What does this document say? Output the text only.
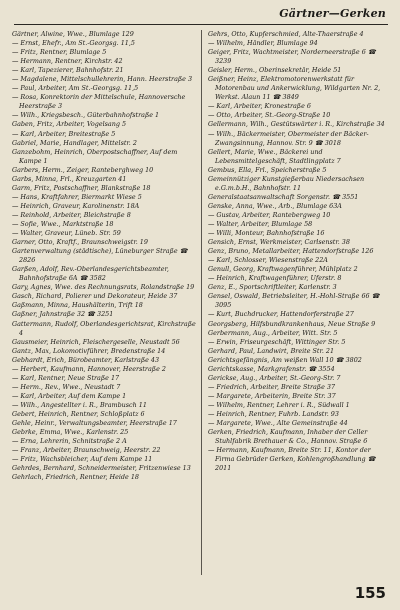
Gärtner—Gerken
Gärtner, Alwine, Wwe., Blumlage 129
— Ernst, Ehefr., Am St.-Georgsg. 11,5
— Fritz, Rentner, Blumlage 5
— Hermann, Rentner, Kirchstr. 42
— Karl, Tapezierer, Bahnhofstr. 21
— Magdalene, Mittelschullehrerin, Hann. Heerstraße 3
— Paul, Arbeiter, Am St.-Georgsg. 11,5
— Rosa, Konrektorin der Mittelschule, Hannoversche Heerstraße 3
— Wilh., Kriegsbesch., Güterbahnhofstraße 1
Gaben, Fritz, Arbeiter, Vogelsang 5
— Karl, Arbeiter, Breitestraße 5
Gabriel, Marie, Handlager, Mittelstr. 2
Ganzebohm, Heinrich, Oberpostschaffner, Auf dem Kampe 1
Garbers, Herm., Zeiger, Ranteberghweg 10
Garbs, Minna, Frl., Kreuzgarten 41
Garm, Fritz, Postschaffner, Blankstraße 18
— Hans, Kraftfahrer, Biermarkt Wiese 5
— Heinrich, Graveur, Karolinenstr. 18A
— Reinhold, Arbeiter, Bleichstraße 8
— Sofie, Wwe., Marktstraße 18
— Walter, Graveur, Lüneb. Str. 59
Garner, Otto, Kraftf., Braunschweigstr. 19
Gartenverwaltung (städtische), Lüneburger Straße ☎ 2826
Garßen, Adolf, Rev.-Oberlandesgerichtsbeamter, Bahnhofstraße 6A ☎ 3582
Gary, Agnes, Wwe. des Rechnungsrats, Rolandstraße 19
Gasch, Richard, Polierer und Dekorateur, Heide 37
Gaßmann, Minna, Haushälterin, Trift 18
Gaßner, Jahnstraße 32 ☎ 3251
Gattermann, Rudolf, Oberlandesgerichtsrat, Kirchstraße 4
Gausmeier, Heinrich, Fleischergeselle, Neustadt 56
Gantz, Max, Lokomotivführer, Bredenstraße 14
Gebhardt, Erich, Bürobeamter, Karlstraße 43
— Herbert, Kaufmann, Hannover, Heerstraße 2
— Karl, Rentner, Neue Straße 17
— Herm., Rev., Wwe., Neustadt 7
— Karl, Arbeiter, Auf dem Kampe 1
— Wilh., Angestellter i. R., Brambusch 11
Gebert, Heinrich, Rentner, Schloßplatz 6
Gehle, Heinr., Verwaltungsbeamter, Heerstraße 17
Gebrke, Emma, Wwe., Karlenstr. 25
— Erna, Lehrerin, Schnitstraße 2 A
— Franz, Arbeiter, Braunschweig, Heerstr. 22
— Fritz, Wachsbleicher, Auf dem Kampe 11
Gehrdes, Bernhard, Schneidermeister, Fritzenwiese 13
Gehrlach, Friedrich, Rentner, Heide 18
Gehrs, Otto, Kupferschmied, Alte-Thaerstraße 4
— Wilhelm, Händler, Blumlage 94
Geiger, Fritz, Wachtmeister, Norderneerstraße 6 ☎ 3239
Geisler, Herm., Oberinsekretär, Heide 51
Geißner, Heinz, Elektromotorenwerkstatt für Motorenbau und Ankerwicklung, Wildgarten Nr. 2, Werkst. Alaun 11 ☎ 3849
— Karl, Arbeiter, Kronestraße 6
— Otto, Arbeiter, St.-Georg-Straße 10
Gellermann, Wilh., Gestütswärter i. R., Kirchstraße 34
— Wilh., Bäckermeister, Obermeister der Bäcker-Zwangsinnung, Hannov. Str. 9 ☎ 3018
Gellert, Marie, Wwe., Bäckerei und Lebensmittelgeschäft, Stadtlingplatz 7
Gembus, Ella, Frl., Speicherstraße 5
Gemeinnütziger Kunstgießerbau Niedersachsen e.G.m.b.H., Bahnhofstr. 11
Generalstaatsanwaltschaft Sorgenstr. ☎ 3551
Genske, Anna, Wwe., Arb., Blumlage 63A
— Gustav, Arbeiter, Rantebergweg 10
— Walter, Arbeiter, Blumlage 58
— Willi, Monteur, Bahnhofstraße 16
Gensich, Ernst, Werkmeister, Carlsenstr. 38
Genz, Bruno, Metallarbeiter, Hattendorfstraße 126
— Karl, Schlosser, Wiesenstraße 22A
Genull, Georg, Kraftwagenführer, Mühlplatz 2
— Heinrich, Kraftwagenführer, Uferstr. 8
Genz, E., Sportschriftleiter, Karlenstr. 3
Gensel, Oswald, Betriebsleiter, H.-Hohl-Straße 66 ☎ 3095
— Kurt, Buchdrucker, Hattendorferstraße 27
Georgsberg, Hilfsbundkrankenhaus, Neue Straße 9
Gerbermann, Aug., Arbeiter, Witt. Str. 5
— Erwin, Friseurgeschäft, Wittinger Str. 5
Gerhard, Paul, Landwirt, Breite Str. 21
Gerichtsgefängnis, Am weißen Wall 10 ☎ 3802
Gerichtskasse, Markgrafenstr. ☎ 3554
Gerickse, Aug., Arbeiter, St.-Georg-Str. 7
— Friedrich, Arbeiter, Breite Straße 37
— Margarete, Arbeiterin, Breite Str. 37
— Wilhelm, Rentner, Lehrer i. R., Südwall 1
— Heinrich, Rentner, Fuhrb. Landstr. 93
— Margarete, Wwe., Alte Gemeinstraße 44
Gerken, Friedrich, Kaufmann, Inhaber der Celler Stuhlfabrik Brethauer & Co., Hannov. Straße 6
— Hermann, Kaufmann, Breite Str. 11, Kontor der Firma Gebrüder Gerken, Kohlengroßhandlung ☎ 2011
155
